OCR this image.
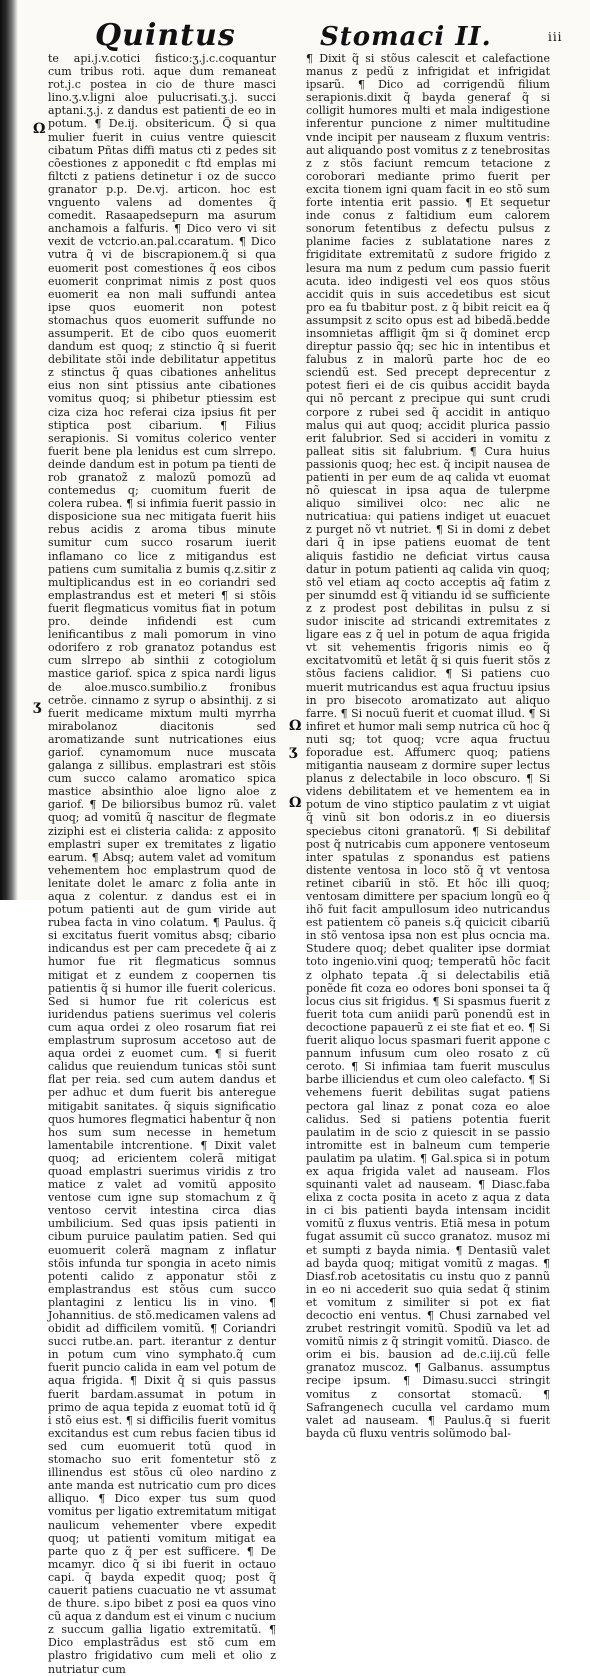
Quintus	Stomaci II.	iii
Ω
ʒ
Ω
ʒ
Ω

te api.j.v.cotici fistico:ʒ.j.c.coquantur cum tribus roti. aque dum remaneat rot.j.c postea in cio de thure masci lino.ʒ.v.ligni aloe pulucrisati.ʒ.j. succi aptani.ʒ.j. z dandus est patienti de eo in potum. ¶ De.ij. obsitericum. Q̃ si qua mulier fuerit in cuius ventre quiescit cibatum Pñtas diffi matus cti z pedes sit cõestiones z apponedit c ftd emplas mi filtcti z patiens detinetur i oz de succo granator p.p. De.vj. articon. hoc est vnguento valens ad domentes q̃ comedit. Rasaapedsepurn ma asurum anchamois a falfuris. ¶ Dico vero vi sit vexit de vctcrio.an.pal.ccaratum. ¶ Dico vutra q̃ vi de biscrapionem.q̃ si qua euomerit post comestiones q̃ eos cibos euomerit conprimat nimis z post quos euomerit ea non mali suffundi antea ipse quos euomerit non potest stomachus quos euomerit suffunde no assumperit. Et de cibo quos euomerit dandum est quoq; z stinctio q̃ si fuerit debilitate stõi inde debilitatur appetitus z stinctus q̃ quas cibationes anhelitus eius non sint ptissius ante cibationes vomitus quoq; si phibetur ptiessim est ciza ciza hoc referai ciza ipsius fit per stiptica post cibarium. ¶ Filius serapionis. Si vomitus colerico venter fuerit bene pla lenidus est cum slrrepo. deinde dandum est in potum pa tienti de rob granatoz̃ z malozũ pomozũ ad contemedus q; cuomitum fuerit de colera rubea. ¶ si infimia fuerit passio in disposicione sua nec mitigata fuerit hiis rebus acidis z aroma tibus minute sumitur cum succo rosarum iuerit inflamano co lice z mitigandus est patiens cum sumitalia z bumis q.z.sitir z multiplicandus est in eo coriandri sed emplastrandus est et meteri ¶ si stõis fuerit flegmaticus vomitus fiat in potum pro. deinde infidendi est cum lenificantibus z mali pomorum in vino odorifero z rob granatoz potandus est cum slrrepo ab sinthii z cotogiolum mastice gariof. spica z spica nardi ligus de aloe.musco.sumbilio.z fronibus cetrõe. cinnamo z syrup o absinthij. z si fuerit medicame mixtum multi myrrha mirabolanoz diacitonis sed aromatizande sunt nutricationes eius gariof. cynamomum nuce muscata galanga z sillibus. emplastrari est stõis cum succo calamo aromatico spica mastice absinthio aloe ligno aloe z gariof. ¶ De biliorsibus bumoz rũ. valet quoq; ad vomitũ q̃ nascitur de flegmate ziziphi est ei clisteria calida: z apposito emplastri super ex tremitates z ligatio earum. ¶ Absq; autem valet ad vomitum vehementem hoc emplastrum quod de lenitate dolet le amarc z folia ante in aqua z colentur. z dandus est ei in potum patienti aut de gum viride aut rubea facta in vino colatum. ¶ Paulus. q̃ si excitatus fuerit vomitus absq; cibario indicandus est per cam precedete q̃ ai z humor fue rit flegmaticus somnus mitigat et z eundem z coopernen tis patientis q̃ si humor ille fuerit colericus. Sed si humor fue rit colericus est iuridendus patiens suerimus vel coleris cum aqua ordei z oleo rosarum fiat rei emplastrum suprosum accetoso aut de aqua ordei z euomet cum. ¶ si fuerit calidus que reuiendum tunicas stõi sunt flat per reia. sed cum autem dandus et per adhuc et dum fuerit bis anteregue mitigabit sanitates. q̃ siquis significatio quos humores flegmatici habentur q̃ non hos sum sum necesse in hemetum lamentabile intcrentione. ¶ Dixit valet quoq; ad ericientem colerã mitigat quoad emplastri suerimus viridis z tro matice z valet ad vomitũ apposito ventose cum igne sup stomachum z q̃ ventoso cervit intestina circa dias umbilicium. Sed quas ipsis patienti in cibum puruice paulatim patien. Sed qui euomuerit colerã magnam z inflatur stõis infunda tur spongia in aceto nimis potenti calido z apponatur stõi z emplastrandus est stõus cum succo plantagini z lenticu lis in vino. ¶ Johannitius. de stõ.medicamen valens ad obidit ad difficilem vomitũ. ¶ Coriandri succi rutbe.an. part. iterantur z dentur in potum cum vino symphato.q̃ cum fuerit puncio calida in eam vel potum de aqua frigida. ¶ Dixit q̃ si quis passus fuerit bardam.assumat in potum in primo de aqua tepida z euomat totũ id q̃ i stõ eius est. ¶ si difficilis fuerit vomitus excitandus est cum rebus facien tibus id sed cum euomuerit totũ quod in stomacho suo erit fomentetur stõ z illinendus est stõus cũ oleo nardino z ante manda est nutricatio cum pro dices alliquo. ¶ Dico exper tus sum quod vomitus per ligatio extremitatum mitigat naulicum vehementer vbere expedit quoq; ut patienti vomitum mitigat ea parte quo z q̃ per est sufficere. ¶ De mcamyr. dico q̃ si ibi fuerit in octauo capi. q̃ bayda expedit quoq; post q̃ cauerit patiens cuacuatio ne vt assumat de thure. s.ipo bibet z posi ea quos vino cũ aqua z dandum est ei vinum c nucium z succum gallia ligatio extremitatũ. ¶ Dico emplastrãdus est stõ cum em plastro frigidativo cum meli et olio z nutriatur cum

¶ Dixit q̃ si stõus calescit et calefactione manus z pedũ z infrigidat et infrigidat ipsarũ. ¶ Dico ad corrigendũ filium serapionis.dixit q̃ bayda generaf q̃ si colligit humores multi et mala indigestione inferentur puncione z nimer multitudine vnde incipit per nauseam z fluxum ventris: aut aliquando post vomitus z z tenebrositas z z stõs faciunt remcum tetacione z coroborari mediante primo fuerit per excita tionem igni quam facit in eo stõ sum forte intentia erit passio. ¶ Et sequetur inde conus z faltidium eum calorem sonorum fetentibus z defectu pulsus z planime facies z sublatatione nares z frigiditate extremitatũ z sudore frigido z lesura ma num z pedum cum passio fuerit acuta. ideo indigesti vel eos quos stõus accidit quis in suis accedetibus est sicut pro ea fu tbabitur post. z q̃ bibit reicit ea q̃ assumpsit z scito opus est ad bibedã.bedde insomnietas affligit q̃m si q̃ dominet ercp direptur passio q̃q; sec hic in intentibus et falubus z in malorũ parte hoc de eo sciendũ est. Sed precept deprecentur z potest fieri ei de cis quibus accidit bayda qui nõ percant z precipue qui sunt crudi corpore z rubei sed q̃ accidit in antiquo malus qui aut quoq; accidit plurica passio erit falubrior. Sed si accideri in vomitu z palleat sitis sit falubrium. ¶ Cura huius passionis quoq; hec est. q̃ incipit nausea de patienti in per eum de aq calida vt euomat nõ quiescat in ipsa aqua de tulerpme aliquo similivei olco: nec alic ne nutricatiua: qui patiens indiget ut euacuet z purget nõ vt nutriet. ¶ Si in domi z debet dari q̃ in ipse patiens euomat de tent aliquis fastidio ne deficiat virtus causa datur in potum patienti aq calida vin quoq; stõ vel etiam aq cocto acceptis aq̃ fatim z per sinumdd est q̃ vitiandu id se sufficiente z z prodest post debilitas in pulsu z si sudor iniscite ad stricandi extremitates z ligare eas z q̃ uel in potum de aqua frigida vt sit vehementis frigoris nimis eo q̃ excitatvomitũ et letãt q̃ si quis fuerit stõs z stõus faciens calidior. ¶ Si patiens cuo muerit mutricandus est aqua fructuu ipsius in pro bisecoto aromatizato aut aliquo farre. ¶ Si nocuũ fuerit et cuomat illud. ¶ Si infiret et humor mali semp nutrica cũ hoc q̃ nuti sq; tot quoq; vcre aqua fructuu foporadue est. Affumerc quoq; patiens mitigantia nauseam z dormire super lectus planus z delectabile in loco obscuro. ¶ Si videns debilitatem et ve hementem ea in potum de vino stiptico paulatim z vt uigiat q̃ vinũ sit bon odoris.z in eo diuersis speciebus citoni granatorũ. ¶ Si debilitaf post q̃ nutricabis cum apponere ventoseum inter spatulas z sponandus est patiens distente ventosa in loco stõ q̃ vt ventosa retinet cibariũ in stõ. Et hõc illi quoq; ventosam dimittere per spacium longũ eo q̃ ihõ fuit facit ampullosum ideo nutricandus est patientem cõ paneis s.q̃ quicicit cibariũ in stõ ventosa ipsa non est plus ocncia ma. Studere quoq; debet qualiter ipse dormiat toto ingenio.vini quoq; temperatũ hõc facit z olphato tepata .q̃ si delectabilis etiã ponẽde fit coza eo odores boni sponsei ta q̃ locus cius sit frigidus. ¶ Si spasmus fuerit z fuerit tota cum aniidi parũ ponendũ est in decoctione papauerũ z ei ste fiat et eo. ¶ Si fuerit aliquo locus spasmari fuerit appone c pannum infusum cum oleo rosato z cũ ceroto. ¶ Si infimiaa tam fuerit musculus barbe illiciendus et cum oleo calefacto. ¶ Si vehemens fuerit debilitas sugat patiens pectora gal linaz z ponat coza eo aloe calidus. Sed si patiens potentia fuerit paulatim in de scio z quiescit in se passio intromitte est in balneum cum temperie paulatim pa ulatim. ¶ Gal.spica si in potum ex aqua frigida valet ad nauseam. Flos squinanti valet ad nauseam. ¶ Diasc.faba elixa z cocta posita in aceto z aqua z data in ci bis patienti bayda intensam incidit vomitũ z fluxus ventris. Etiã mesa in potum fugat assumit cũ succo granatoz. musoz mi et sumpti z bayda nimia. ¶ Dentasiũ valet ad bayda quoq; mitigat vomitũ z magas. ¶ Diasf.rob acetositatis cu instu quo z pannũ in eo ni accederit suo quia sedat q̃ stinim et vomitum z similiter si pot ex fiat decoctio eni ventus. ¶ Chusi zarnabed vel zrubet restringit vomitũ. Spodiũ va let ad vomitũ nimis z q̃ stringit vomitũ. Diasco. de orim ei bis. bausion ad de.c.iij.cũ felle granatoz muscoz. ¶ Galbanus. assumptus recipe ipsum. ¶ Dimasu.succi stringit vomitus z consortat stomacũ. ¶ Safrangenech cuculla vel cardamo mum valet ad nauseam. ¶ Paulus.q̃ si fuerit bayda cũ fluxu ventris solũmodo bal-
